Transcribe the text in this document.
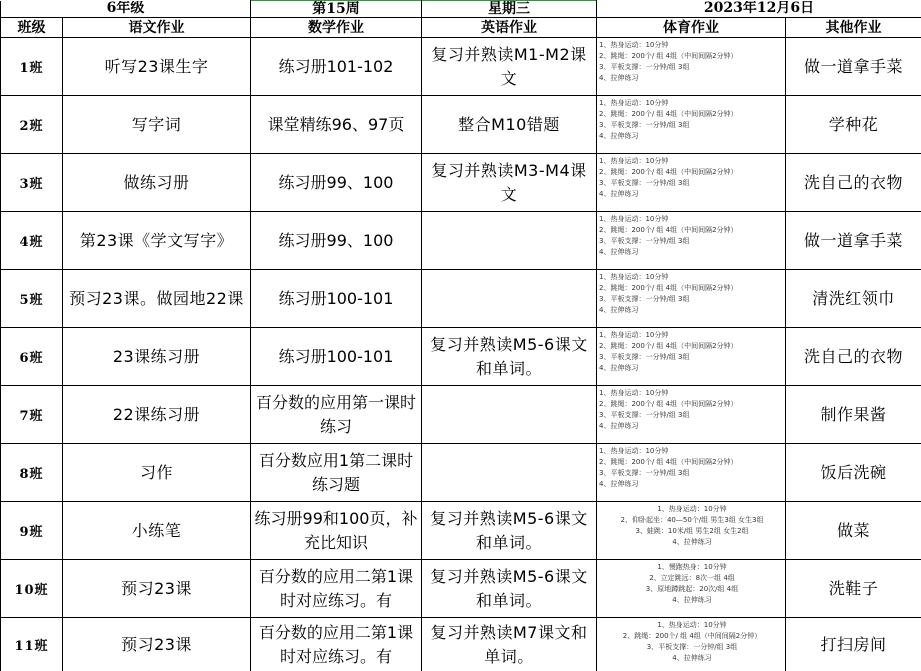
6年级		第15周	星期三	2023年12月6日	
班级	语文作业	数学作业	英语作业	体育作业	其他作业
1班	听写23课生字	练习册101-102	复习并熟读M1-M2课文	1、热身运动：10分钟
2、跳绳：200个/ 组 4组（中间间隔2分钟）
3、平板支撑：一分钟/组 3组
4、拉伸练习	做一道拿手菜
2班	写字词	课堂精练96、97页	整合M10错题	1、热身运动：10分钟
2、跳绳：200个/ 组 4组（中间间隔2分钟）
3、平板支撑：一分钟/组 3组
4、拉伸练习	学种花
3班	做练习册	练习册99、100	复习并熟读M3-M4课文	1、热身运动：10分钟
2、跳绳：200个/ 组 4组（中间间隔2分钟）
3、平板支撑：一分钟/组 3组
4、拉伸练习	洗自己的衣物
4班	第23课《学文写字》	练习册99、100		1、热身运动：10分钟
2、跳绳：200个/ 组 4组（中间间隔2分钟）
3、平板支撑：一分钟/组 3组
4、拉伸练习	做一道拿手菜
5班	预习23课。做园地22课	练习册100-101		1、热身运动：10分钟
2、跳绳：200个/ 组 4组（中间间隔2分钟）
3、平板支撑：一分钟/组 3组
4、拉伸练习	清洗红领巾
6班	23课练习册	练习册100-101	复习并熟读M5-6课文和单词。	1、热身运动：10分钟
2、跳绳：200个/ 组 4组（中间间隔2分钟）
3、平板支撑：一分钟/组 3组
4、拉伸练习	洗自己的衣物
7班	22课练习册	百分数的应用第一课时练习		1、热身运动：10分钟
2、跳绳：200个/ 组 4组（中间间隔2分钟）
3、平板支撑：一分钟/组 3组
4、拉伸练习	制作果酱
8班	习作	百分数应用1第二课时练习题		1、热身运动：10分钟
2、跳绳：200个/ 组 4组（中间间隔2分钟）
3、平板支撑：一分钟/组 3组
4、拉伸练习	饭后洗碗
9班	小练笔	练习册99和100页，补充比知识	复习并熟读M5-6课文和单词。	1、热身运动：10分钟
2、仰卧起坐：40—50个/组 男生3组 女生3组
3、蛙跳：10米/组 男生2组 女生2组
4、拉伸练习	做菜
10班	预习23课	百分数的应用二第1课时对应练习。有	复习并熟读M5-6课文和单词。	1、慢跑热身：10分钟
2、立定跳远：8次一组 4组
3、原地蹲跳起：20次/组 4组
4、拉伸练习	洗鞋子
11班	预习23课	百分数的应用二第1课时对应练习。有	复习并熟读M7课文和单词。	1、热身运动：10分钟
2、跳绳：200个/ 组 4组（中间间隔2分钟）
3、平板支撑：一分钟/组 3组
4、拉伸练习	打扫房间
